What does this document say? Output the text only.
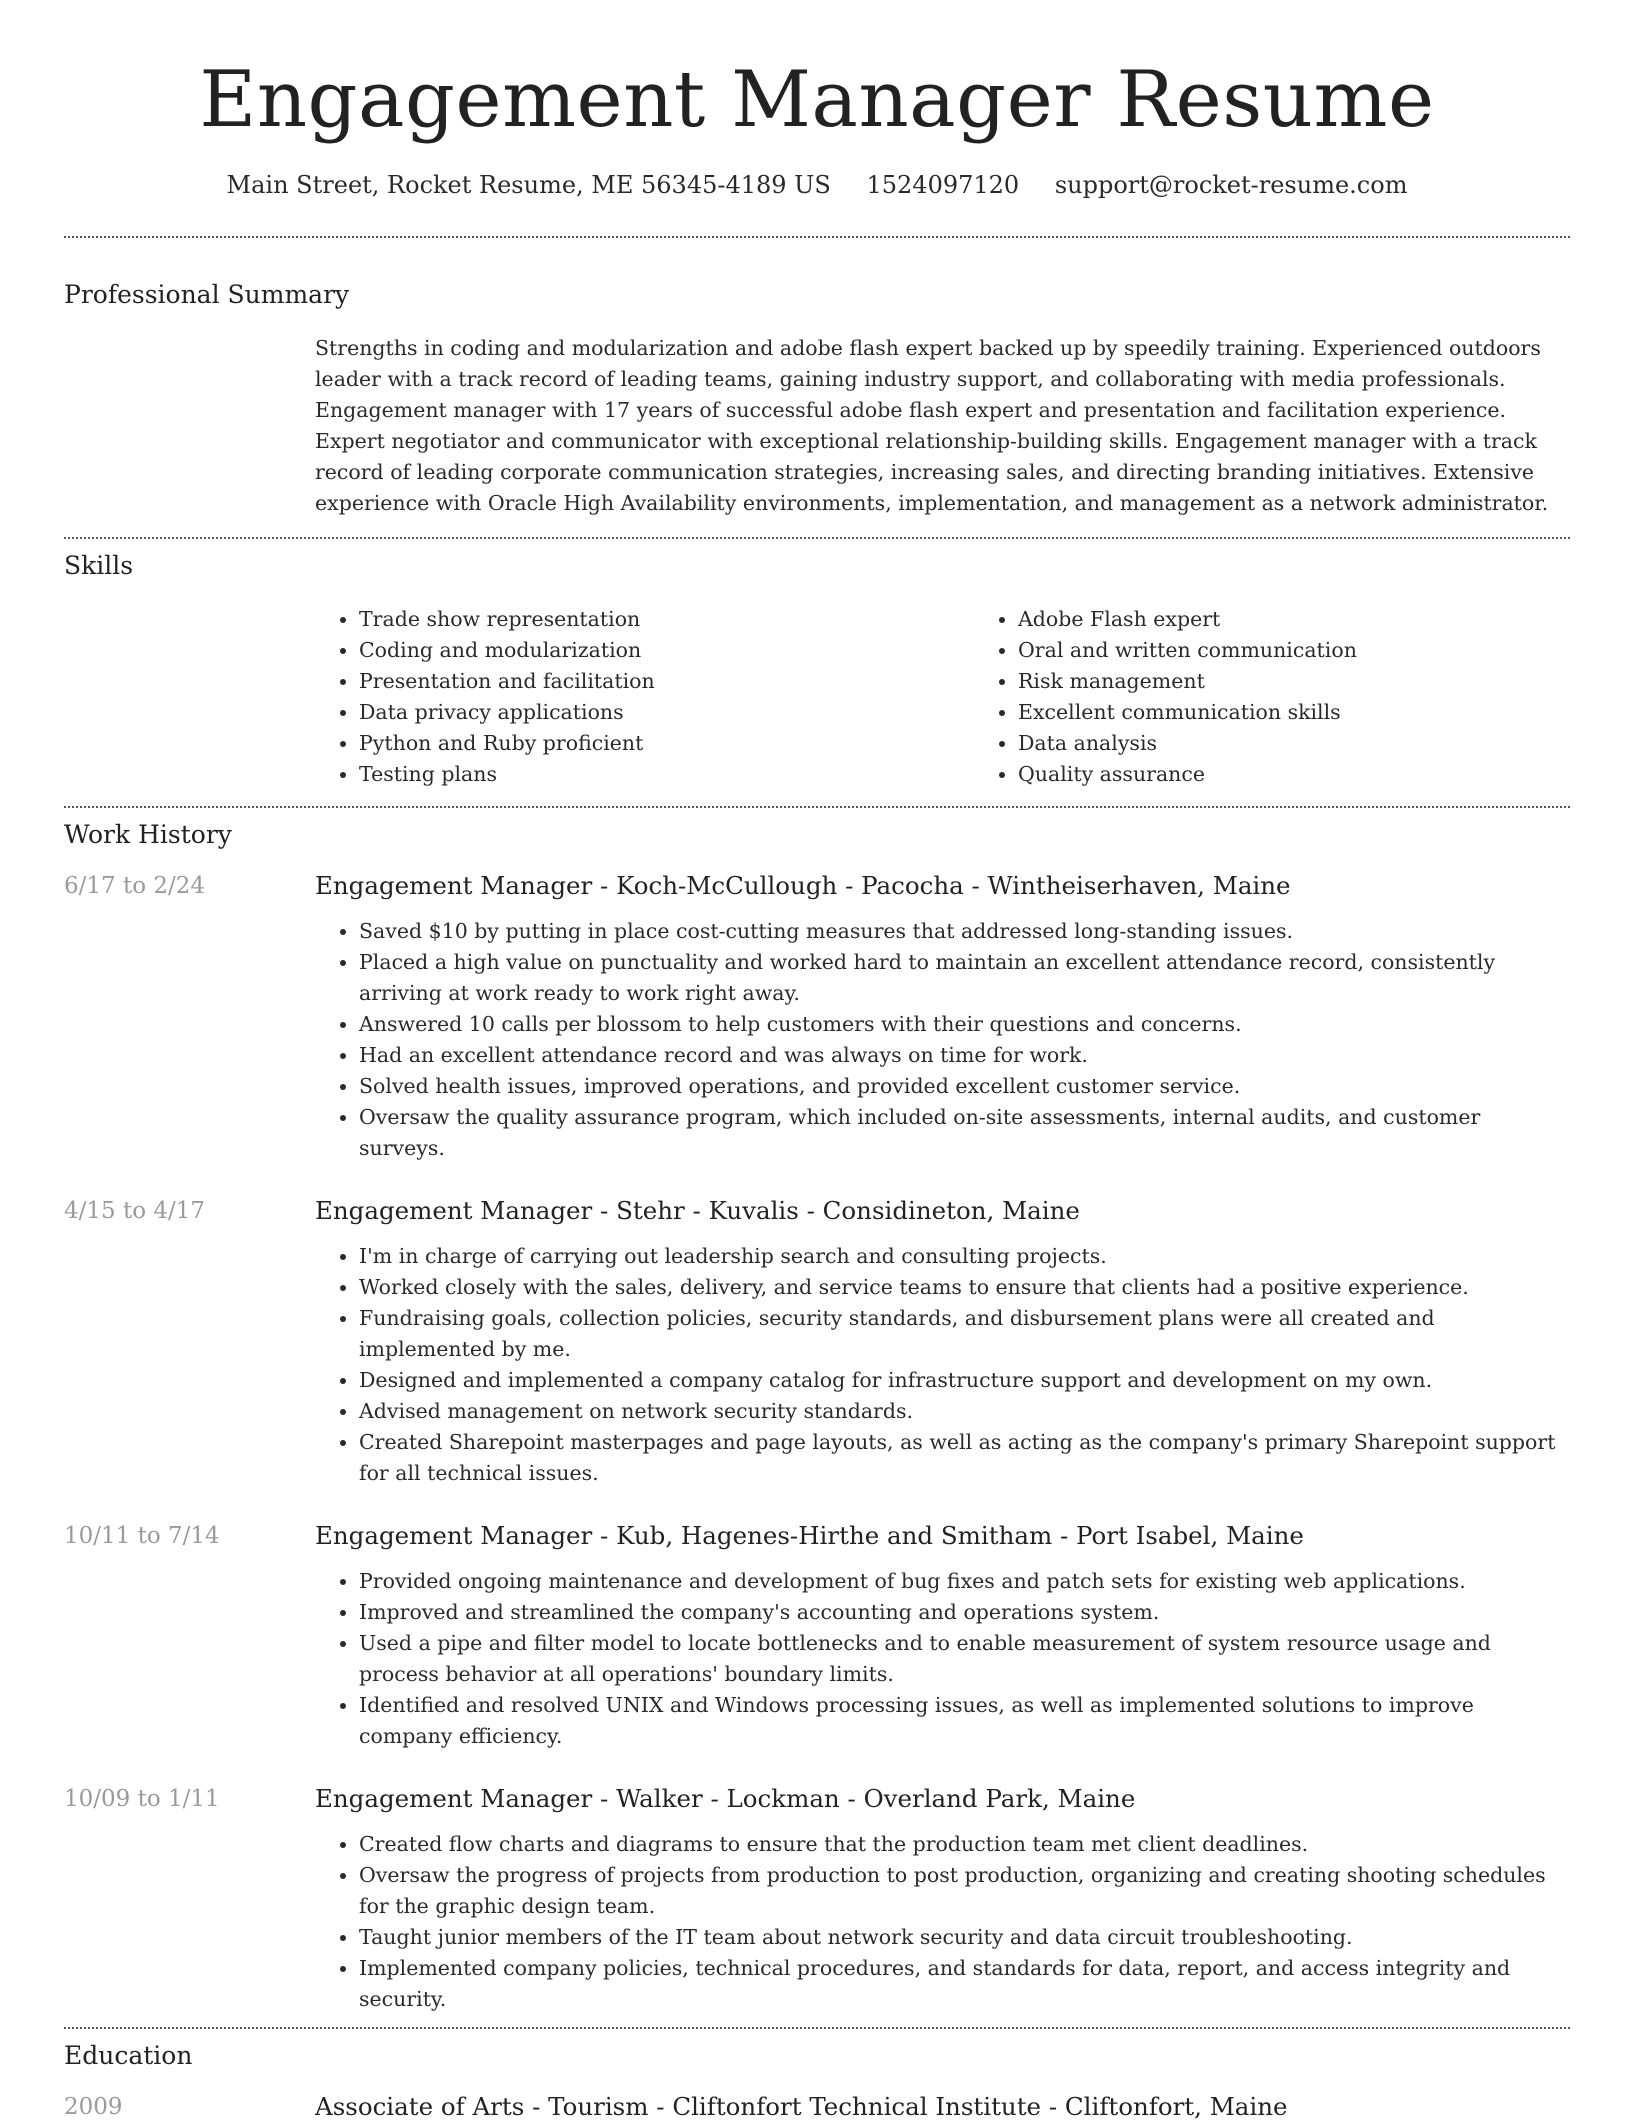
Engagement Manager Resume
Main Street, Rocket Resume, ME 56345-4189 US 1524097120 support@rocket-resume.com
Professional Summary

Strengths in coding and modularization and adobe flash expert backed up by speedily training. Experienced outdoors leader with a track record of leading teams, gaining industry support, and collaborating with media professionals. Engagement manager with 17 years of successful adobe flash expert and presentation and facilitation experience. Expert negotiator and communicator with exceptional relationship-building skills. Engagement manager with a track record of leading corporate communication strategies, increasing sales, and directing branding initiatives. Extensive experience with Oracle High Availability environments, implementation, and management as a network administrator.

Skills
• Trade show representation
• Coding and modularization
• Presentation and facilitation
• Data privacy applications
• Python and Ruby proficient
• Testing plans
• Adobe Flash expert
• Oral and written communication
• Risk management
• Excellent communication skills
• Data analysis
• Quality assurance
Work History
6/17 to 2/24	Engagement Manager - Koch-McCullough - Pacocha - Wintheiserhaven, Maine
• Saved $10 by putting in place cost-cutting measures that addressed long-standing issues.
• Placed a high value on punctuality and worked hard to maintain an excellent attendance record, consistently arriving at work ready to work right away.
• Answered 10 calls per blossom to help customers with their questions and concerns.
• Had an excellent attendance record and was always on time for work.
• Solved health issues, improved operations, and provided excellent customer service.
• Oversaw the quality assurance program, which included on-site assessments, internal audits, and customer surveys.
4/15 to 4/17	Engagement Manager - Stehr - Kuvalis - Considineton, Maine
• I'm in charge of carrying out leadership search and consulting projects.
• Worked closely with the sales, delivery, and service teams to ensure that clients had a positive experience.
• Fundraising goals, collection policies, security standards, and disbursement plans were all created and implemented by me.
• Designed and implemented a company catalog for infrastructure support and development on my own.
• Advised management on network security standards.
• Created Sharepoint masterpages and page layouts, as well as acting as the company's primary Sharepoint support for all technical issues.
10/11 to 7/14	Engagement Manager - Kub, Hagenes-Hirthe and Smitham - Port Isabel, Maine
• Provided ongoing maintenance and development of bug fixes and patch sets for existing web applications.
• Improved and streamlined the company's accounting and operations system.
• Used a pipe and filter model to locate bottlenecks and to enable measurement of system resource usage and process behavior at all operations' boundary limits.
• Identified and resolved UNIX and Windows processing issues, as well as implemented solutions to improve company efficiency.
10/09 to 1/11	Engagement Manager - Walker - Lockman - Overland Park, Maine
• Created flow charts and diagrams to ensure that the production team met client deadlines.
• Oversaw the progress of projects from production to post production, organizing and creating shooting schedules for the graphic design team.
• Taught junior members of the IT team about network security and data circuit troubleshooting.
• Implemented company policies, technical procedures, and standards for data, report, and access integrity and security.
Education
2009	Associate of Arts - Tourism - Cliftonfort Technical Institute - Cliftonfort, Maine
